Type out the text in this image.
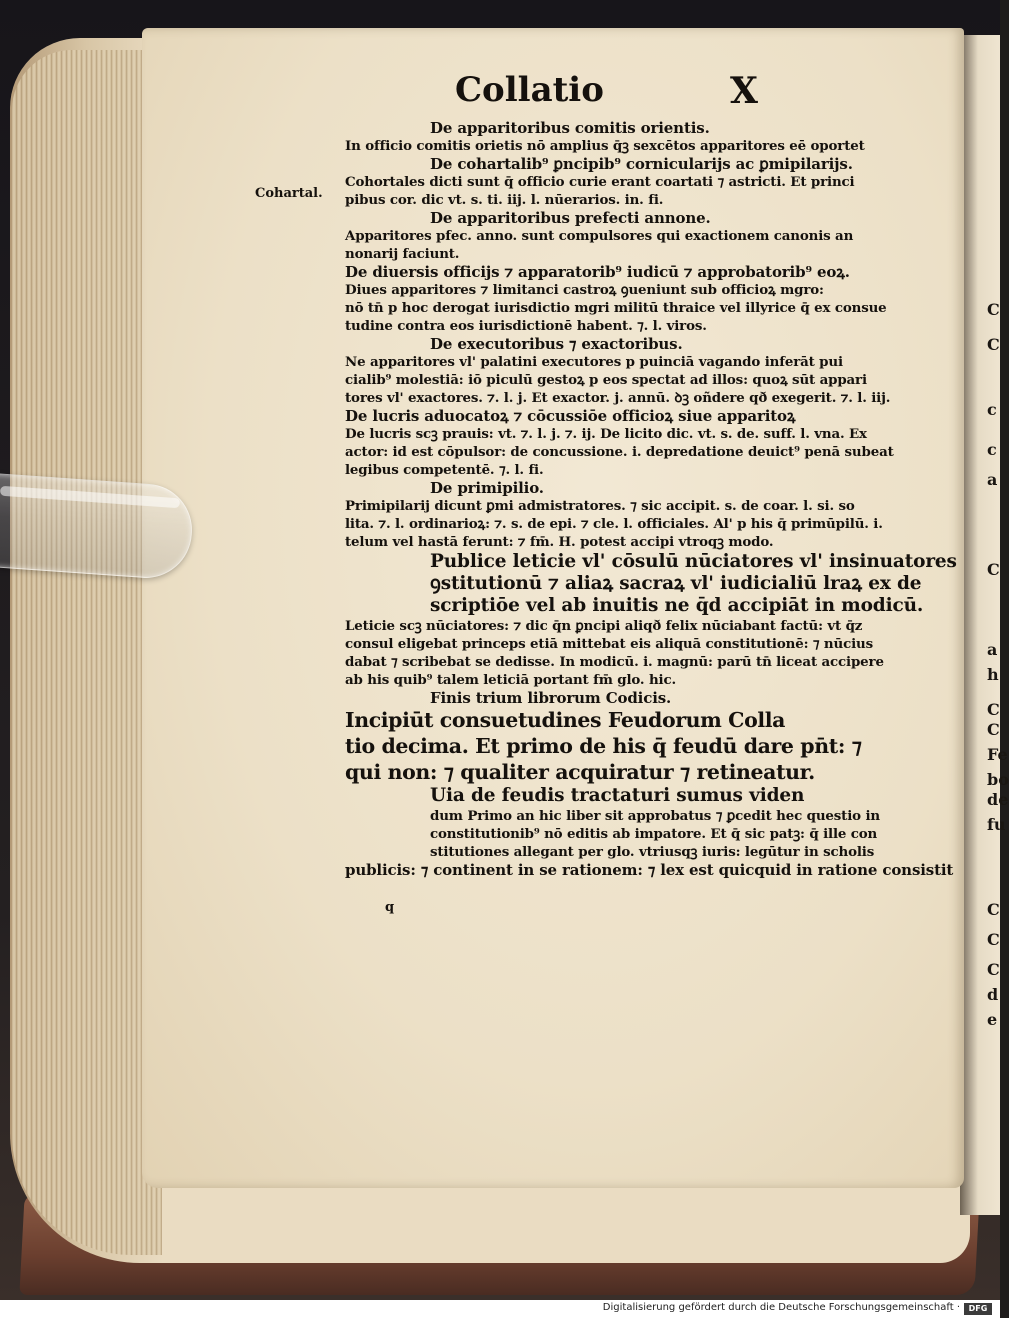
C
C
c
c
a
C
a
h
C
C
Fe
bo
de
fu
C
C
C
d
e
Collatio	X
Cohartal.
q
De apparitoribus comitis orientis.
In officio comitis orietis nō amplius q̄ꝫ sexcētos apparitores eē oportet
De cohartalib⁹ ꝑncipib⁹ cornicularijs ac ꝑmipilarijs.
Cohortales dicti sunt q̄ officio curie erant coartati ⁊ astricti. Et princi
pibus cor. dic vt. s. ti. iij. l. nūerarios. in. fi.
De apparitoribus prefecti annone.
Apparitores pfec. anno. sunt compulsores qui exactionem canonis an
nonarij faciunt.
De diuersis officijs ⁊ apparatorib⁹ iudicū ⁊ approbatorib⁹ eoꝝ.
Diues apparitores ⁊ limitanci castroꝝ ꝯueniunt sub officioꝝ mgro:
nō tn̄ p hoc derogat iurisdictio mgri militū thraice vel illyrice q̄ ex consue
tudine contra eos iurisdictionē habent. ⁊. l. viros.
De executoribus ⁊ exactoribus.
Ne apparitores vl' palatini executores p puinciā vagando inferāt pui
cialib⁹ molestiā: iō piculū gestoꝝ p eos spectat ad illos: quoꝝ sūt appari
tores vl' exactores. ⁊. l. j. Et exactor. j. annū. ꝺꝫ oñdere qð exegerit. ⁊. l. iij.
De lucris aduocatoꝝ ⁊ cōcussiōe officioꝝ siue apparitoꝝ
De lucris scꝫ prauis: vt. ⁊. l. j. ⁊. ij. De licito dic. vt. s. de. suff. l. vna. Ex
actor: id est cōpulsor: de concussione. i. depredatione deuict⁹ penā subeat
legibus competentē. ⁊. l. fi.
De primipilio.
Primipilarij dicunt ꝑmi admistratores. ⁊ sic accipit. s. de coar. l. si. so
lita. ⁊. l. ordinarioꝝ: ⁊. s. de epi. ⁊ cle. l. officiales. Al' p his q̄ primūpilū. i.
telum vel hastā ferunt: ⁊ fm̄. H. potest accipi vtroqꝫ modo.
Publice leticie vl' cōsulū nūciatores vl' insinuatores
ꝯstitutionū ⁊ aliaꝝ sacraꝝ vl' iudicialiū lraꝝ ex de
scriptiōe vel ab inuitis ne q̄d accipiāt in modicū.
Leticie scꝫ nūciatores: ⁊ dic q̄n ꝑncipi aliqð felix nūciabant factū: vt q̄z
consul eligebat princeps etiā mittebat eis aliquā constitutionē: ⁊ nūcius
dabat ⁊ scribebat se dedisse. In modicū. i. magnū: parū tn̄ liceat accipere
ab his quib⁹ talem leticiā portant fm̄ glo. hic.
Finis trium librorum Codicis.
Incipiūt consuetudines Feudorum Colla
tio decima. Et primo de his q̄ feudū dare pn̄t: ⁊
qui non: ⁊ qualiter acquiratur ⁊ retineatur.
Uia de feudis tractaturi sumus viden
dum Primo an hic liber sit approbatus ⁊ ꝑcedit hec questio in
constitutionib⁹ nō editis ab impatore. Et q̄ sic patꝫ: q̄ ille con
stitutiones allegant per glo. vtriusqꝫ iuris: legūtur in scholis
publicis: ⁊ continent in se rationem: ⁊ lex est quicquid in ratione consistit
Digitalisierung gefördert durch die Deutsche Forschungsgemeinschaft ·	DFG
